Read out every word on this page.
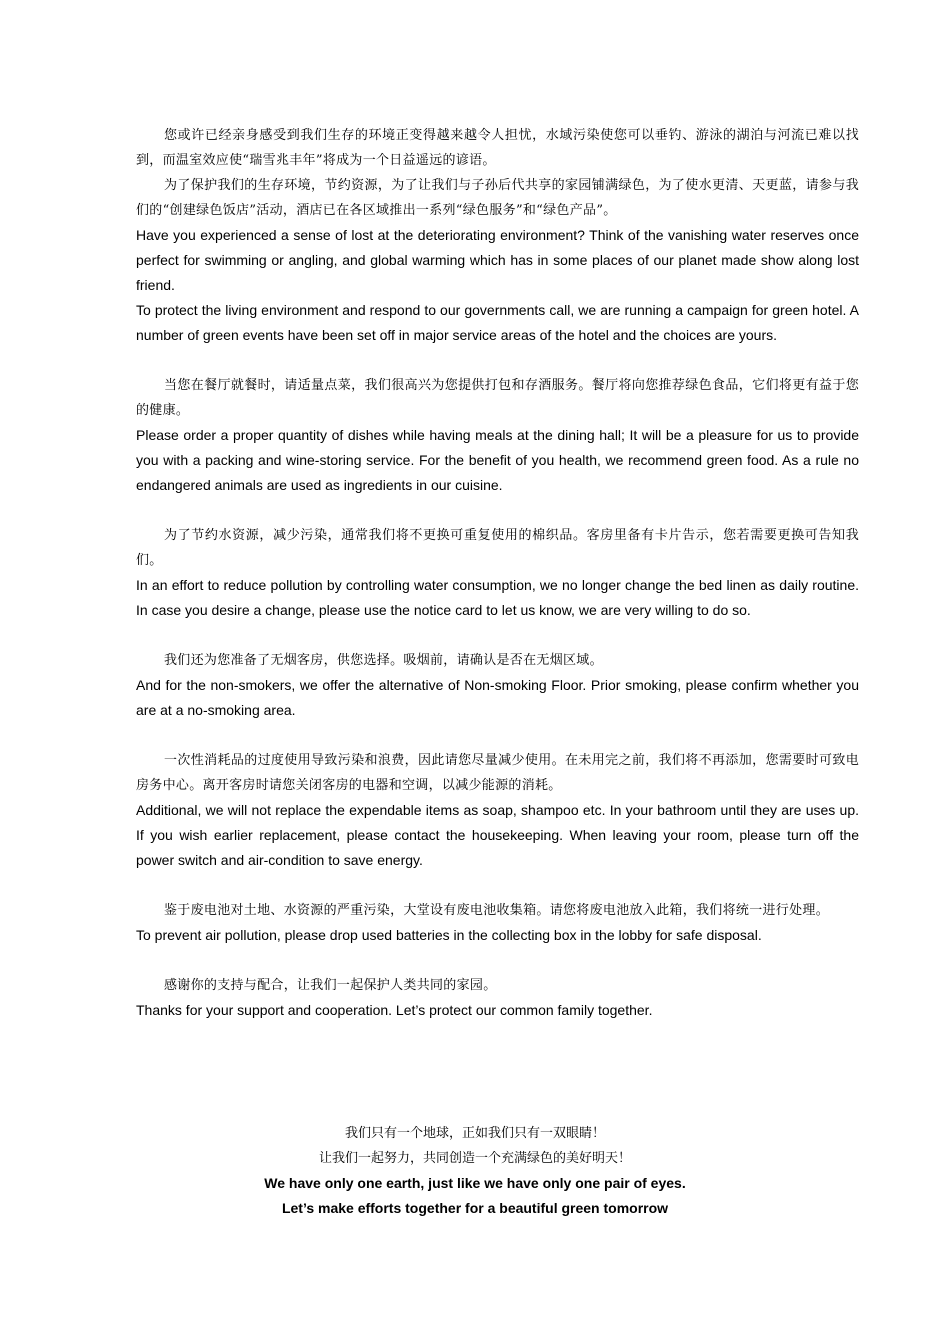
您或许已经亲身感受到我们生存的环境正变得越来越令人担忧，水域污染使您可以垂钓、游泳的湖泊与河流已难以找到，而温室效应使“瑞雪兆丰年”将成为一个日益遥远的谚语。

为了保护我们的生存环境，节约资源，为了让我们与子孙后代共享的家园铺满绿色，为了使水更清、天更蓝，请参与我们的“创建绿色饭店”活动，酒店已在各区域推出一系列“绿色服务”和“绿色产品”。

Have you experienced a sense of lost at the deteriorating environment? Think of the vanishing water reserves once perfect for swimming or angling, and global warming which has in some places of our planet made show along lost friend.

To protect the living environment and respond to our governments call, we are running a campaign for green hotel. A number of green events have been set off in major service areas of the hotel and the choices are yours.

当您在餐厅就餐时，请适量点菜，我们很高兴为您提供打包和存酒服务。餐厅将向您推荐绿色食品，它们将更有益于您的健康。

Please order a proper quantity of dishes while having meals at the dining hall; It will be a pleasure for us to provide you with a packing and wine-storing service. For the benefit of you health, we recommend green food. As a rule no endangered animals are used as ingredients in our cuisine.

为了节约水资源，减少污染，通常我们将不更换可重复使用的棉织品。客房里备有卡片告示，您若需要更换可告知我们。

In an effort to reduce pollution by controlling water consumption, we no longer change the bed linen as daily routine. In case you desire a change, please use the notice card to let us know, we are very willing to do so.

我们还为您准备了无烟客房，供您选择。吸烟前，请确认是否在无烟区域。

And for the non-smokers, we offer the alternative of Non-smoking Floor. Prior smoking, please confirm whether you are at a no-smoking area.

一次性消耗品的过度使用导致污染和浪费，因此请您尽量减少使用。在未用完之前，我们将不再添加，您需要时可致电房务中心。离开客房时请您关闭客房的电器和空调，以减少能源的消耗。

Additional, we will not replace the expendable items as soap, shampoo etc. In your bathroom until they are uses up. If you wish earlier replacement, please contact the housekeeping. When leaving your room, please turn off the power switch and air-condition to save energy.

鉴于废电池对土地、水资源的严重污染，大堂设有废电池收集箱。请您将废电池放入此箱，我们将统一进行处理。

To prevent air pollution, please drop used batteries in the collecting box in the lobby for safe disposal.

感谢你的支持与配合，让我们一起保护人类共同的家园。

Thanks for your support and cooperation. Let’s protect our common family together.

我们只有一个地球，正如我们只有一双眼睛！

让我们一起努力，共同创造一个充满绿色的美好明天！

We have only one earth, just like we have only one pair of eyes.

Let’s make efforts together for a beautiful green tomorrow
